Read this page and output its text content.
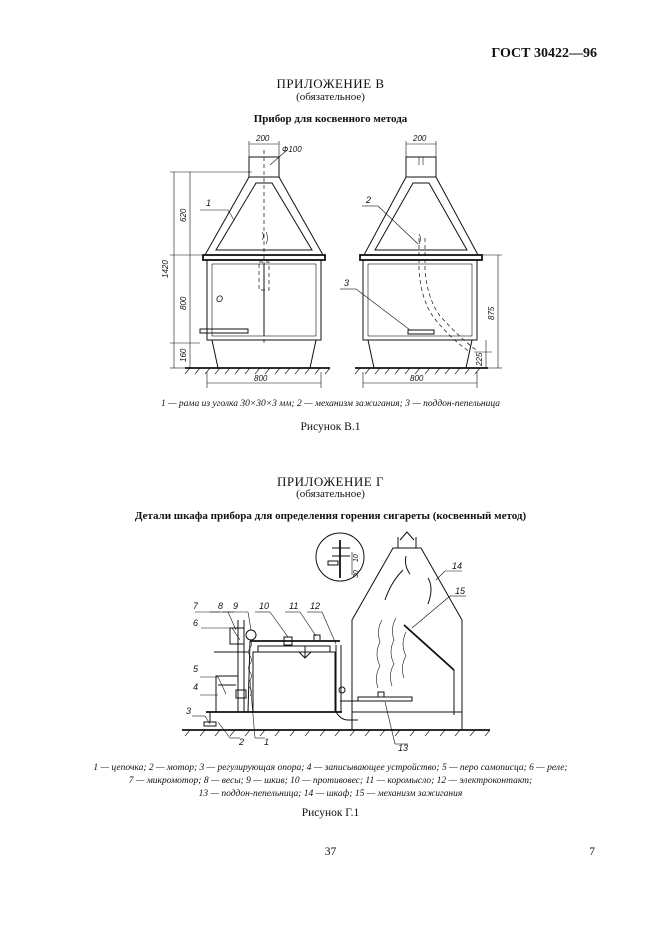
ГОСТ 30422—96
ПРИЛОЖЕНИЕ В
(обязательное)
Прибор для косвенного метода
1420
620
800
160
200
Ф100
800
1
О
200
875
225
800
2
3
1 — рама из уголка 30×30×3 мм; 2 — механизм зажигания; 3 — поддон-пепельница
Рисунок В.1
ПРИЛОЖЕНИЕ Г
(обязательное)
Детали шкафа прибора для определения горения сигареты (косвенный метод)
10
30
7 8 9 10 11 12
6
5
4
3
2 1
13
14
15
1 — цепочка; 2 — мотор; 3 — регулирующая опора; 4 — записывающее устройство; 5 — перо самописца; 6 — реле;
7 — микромотор; 8 — весы; 9 — шкив; 10 — противовес; 11 — коромысло; 12 — электроконтакт;
13 — поддон-пепельница; 14 — шкаф; 15 — механизм зажигания
Рисунок Г.1
37	7
